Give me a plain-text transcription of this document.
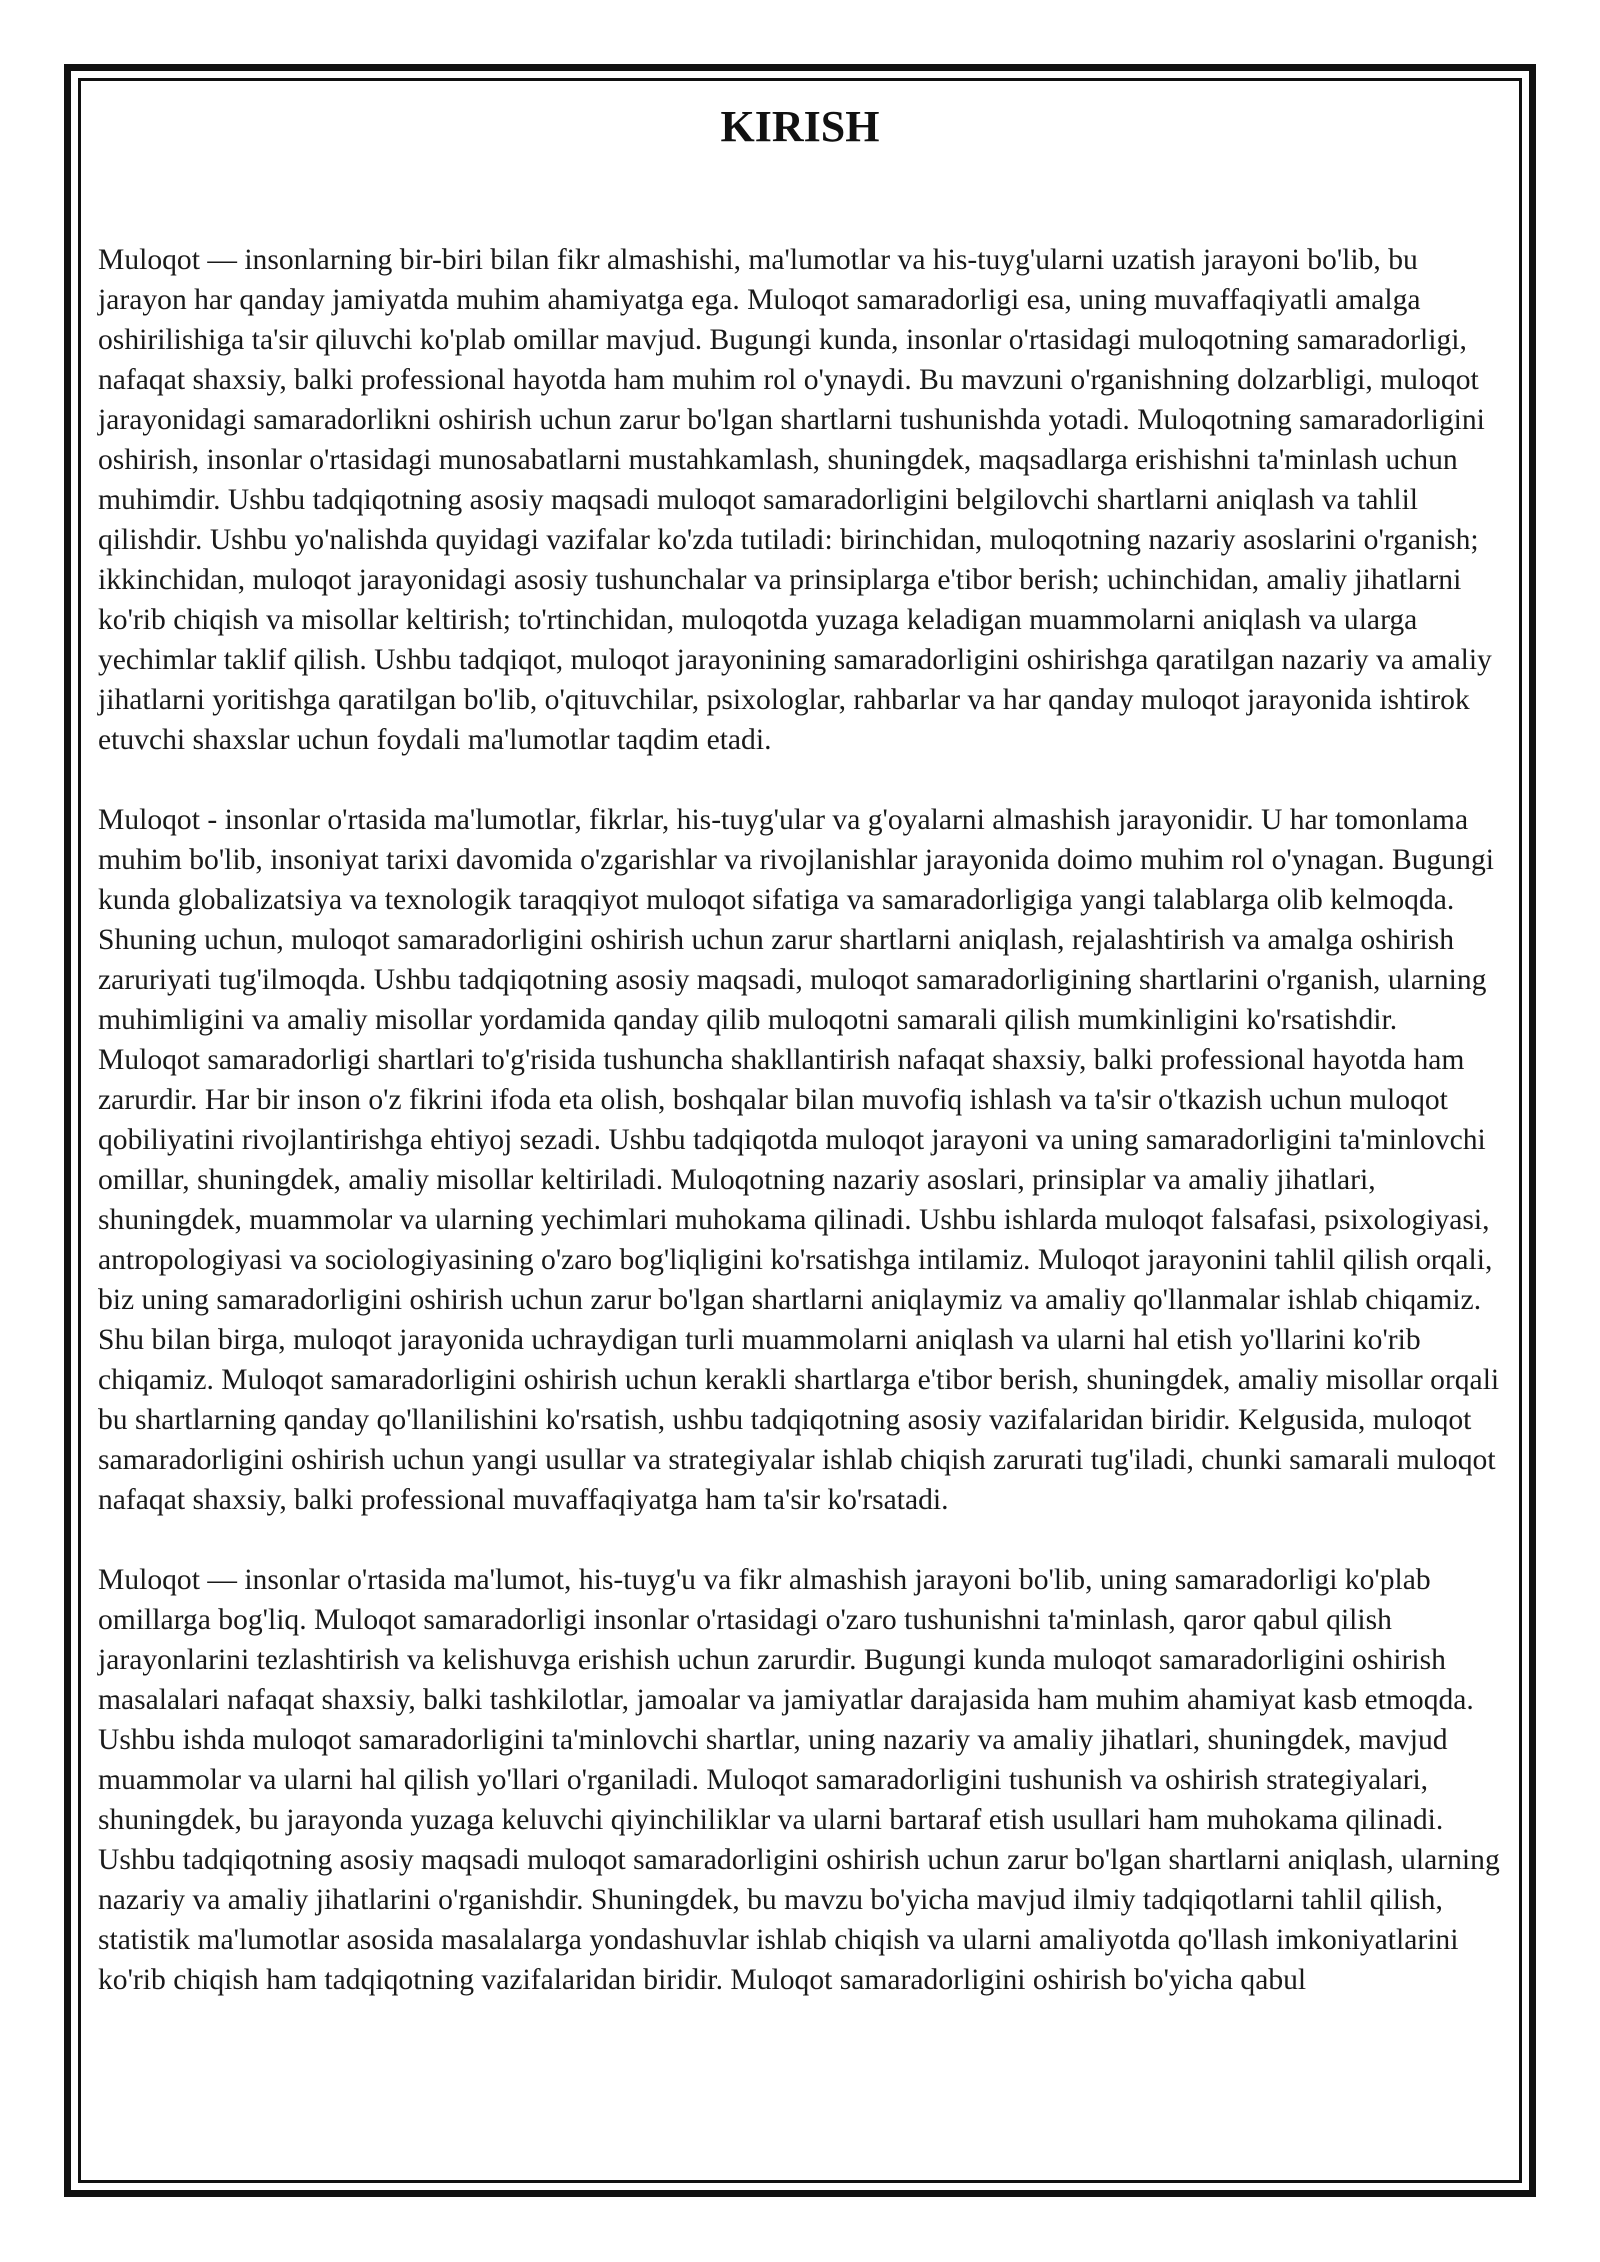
KIRISH

Muloqot — insonlarning bir-biri bilan fikr almashishi, ma'lumotlar va his-tuyg'ularni uzatish jarayoni bo'lib, bu jarayon har qanday jamiyatda muhim ahamiyatga ega. Muloqot samaradorligi esa, uning muvaffaqiyatli amalga oshirilishiga ta'sir qiluvchi ko'plab omillar mavjud. Bugungi kunda, insonlar o'rtasidagi muloqotning samaradorligi, nafaqat shaxsiy, balki professional hayotda ham muhim rol o'ynaydi. Bu mavzuni o'rganishning dolzarbligi, muloqot jarayonidagi samaradorlikni oshirish uchun zarur bo'lgan shartlarni tushunishda yotadi. Muloqotning samaradorligini oshirish, insonlar o'rtasidagi munosabatlarni mustahkamlash, shuningdek, maqsadlarga erishishni ta'minlash uchun muhimdir. Ushbu tadqiqotning asosiy maqsadi muloqot samaradorligini belgilovchi shartlarni aniqlash va tahlil qilishdir. Ushbu yo'nalishda quyidagi vazifalar ko'zda tutiladi: birinchidan, muloqotning nazariy asoslarini o'rganish; ikkinchidan, muloqot jarayonidagi asosiy tushunchalar va prinsiplarga e'tibor berish; uchinchidan, amaliy jihatlarni ko'rib chiqish va misollar keltirish; to'rtinchidan, muloqotda yuzaga keladigan muammolarni aniqlash va ularga yechimlar taklif qilish. Ushbu tadqiqot, muloqot jarayonining samaradorligini oshirishga qaratilgan nazariy va amaliy jihatlarni yoritishga qaratilgan bo'lib, o'qituvchilar, psixologlar, rahbarlar va har qanday muloqot jarayonida ishtirok etuvchi shaxslar uchun foydali ma'lumotlar taqdim etadi.

Muloqot - insonlar o'rtasida ma'lumotlar, fikrlar, his-tuyg'ular va g'oyalarni almashish jarayonidir. U har tomonlama muhim bo'lib, insoniyat tarixi davomida o'zgarishlar va rivojlanishlar jarayonida doimo muhim rol o'ynagan. Bugungi kunda globalizatsiya va texnologik taraqqiyot muloqot sifatiga va samaradorligiga yangi talablarga olib kelmoqda. Shuning uchun, muloqot samaradorligini oshirish uchun zarur shartlarni aniqlash, rejalashtirish va amalga oshirish zaruriyati tug'ilmoqda. Ushbu tadqiqotning asosiy maqsadi, muloqot samaradorligining shartlarini o'rganish, ularning muhimligini va amaliy misollar yordamida qanday qilib muloqotni samarali qilish mumkinligini ko'rsatishdir. Muloqot samaradorligi shartlari to'g'risida tushuncha shakllantirish nafaqat shaxsiy, balki professional hayotda ham zarurdir. Har bir inson o'z fikrini ifoda eta olish, boshqalar bilan muvofiq ishlash va ta'sir o'tkazish uchun muloqot qobiliyatini rivojlantirishga ehtiyoj sezadi. Ushbu tadqiqotda muloqot jarayoni va uning samaradorligini ta'minlovchi omillar, shuningdek, amaliy misollar keltiriladi. Muloqotning nazariy asoslari, prinsiplar va amaliy jihatlari, shuningdek, muammolar va ularning yechimlari muhokama qilinadi. Ushbu ishlarda muloqot falsafasi, psixologiyasi, antropologiyasi va sociologiyasining o'zaro bog'liqligini ko'rsatishga intilamiz. Muloqot jarayonini tahlil qilish orqali, biz uning samaradorligini oshirish uchun zarur bo'lgan shartlarni aniqlaymiz va amaliy qo'llanmalar ishlab chiqamiz. Shu bilan birga, muloqot jarayonida uchraydigan turli muammolarni aniqlash va ularni hal etish yo'llarini ko'rib chiqamiz. Muloqot samaradorligini oshirish uchun kerakli shartlarga e'tibor berish, shuningdek, amaliy misollar orqali bu shartlarning qanday qo'llanilishini ko'rsatish, ushbu tadqiqotning asosiy vazifalaridan biridir. Kelgusida, muloqot samaradorligini oshirish uchun yangi usullar va strategiyalar ishlab chiqish zarurati tug'iladi, chunki samarali muloqot nafaqat shaxsiy, balki professional muvaffaqiyatga ham ta'sir ko'rsatadi.

Muloqot — insonlar o'rtasida ma'lumot, his-tuyg'u va fikr almashish jarayoni bo'lib, uning samaradorligi ko'plab omillarga bog'liq. Muloqot samaradorligi insonlar o'rtasidagi o'zaro tushunishni ta'minlash, qaror qabul qilish jarayonlarini tezlashtirish va kelishuvga erishish uchun zarurdir. Bugungi kunda muloqot samaradorligini oshirish masalalari nafaqat shaxsiy, balki tashkilotlar, jamoalar va jamiyatlar darajasida ham muhim ahamiyat kasb etmoqda. Ushbu ishda muloqot samaradorligini ta'minlovchi shartlar, uning nazariy va amaliy jihatlari, shuningdek, mavjud muammolar va ularni hal qilish yo'llari o'rganiladi. Muloqot samaradorligini tushunish va oshirish strategiyalari, shuningdek, bu jarayonda yuzaga keluvchi qiyinchiliklar va ularni bartaraf etish usullari ham muhokama qilinadi. Ushbu tadqiqotning asosiy maqsadi muloqot samaradorligini oshirish uchun zarur bo'lgan shartlarni aniqlash, ularning nazariy va amaliy jihatlarini o'rganishdir. Shuningdek, bu mavzu bo'yicha mavjud ilmiy tadqiqotlarni tahlil qilish, statistik ma'lumotlar asosida masalalarga yondashuvlar ishlab chiqish va ularni amaliyotda qo'llash imkoniyatlarini ko'rib chiqish ham tadqiqotning vazifalaridan biridir. Muloqot samaradorligini oshirish bo'yicha qabul
